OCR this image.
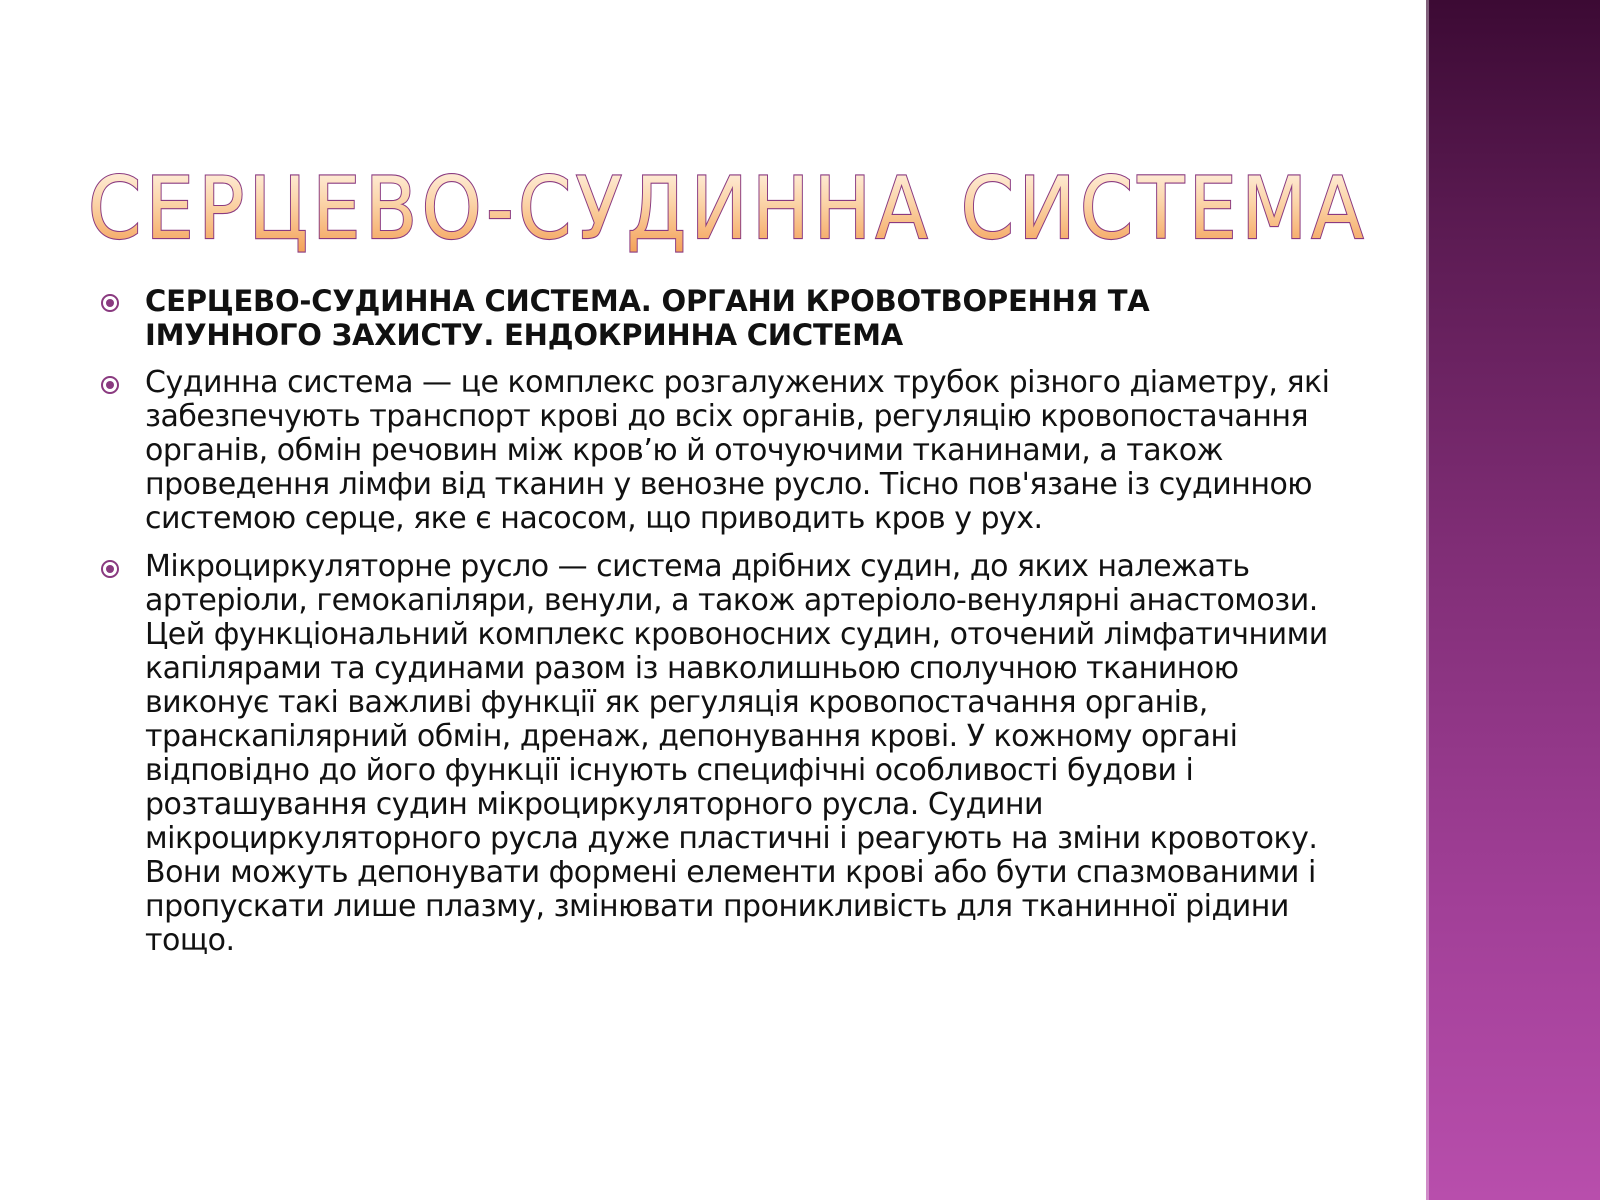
СЕРЦЕВО-СУДИННА СИСТЕМА
СЕРЦЕВО-СУДИННА СИСТЕМА. ОРГАНИ КРОВОТВОРЕННЯ ТА ІМУННОГО ЗАХИСТУ. ЕНДОКРИННА СИСТЕМА
Судинна система — це комплекс розгалужених трубок різного діаметру, які забезпечують транспорт крові до всіх органів, регуляцію кровопостачання органів, обмін речовин між кров’ю й оточуючими тканинами, а також проведення лімфи від тканин у венозне русло. Тісно пов'язане із судинною системою серце, яке є насосом, що приводить кров у рух.
Мікроциркуляторне русло — система дрібних судин, до яких належать артеріоли, гемокапіляри, венули, а також артеріоло-венулярні анастомози. Цей функціональний комплекс кровоносних судин, оточений лімфатичними капілярами та судинами разом із навколишньою сполучною тканиною виконує такі важливі функції як регуляція кровопостачання органів, транскапілярний обмін, дренаж, депонування крові. У кожному органі відповідно до його функції існують специфічні особливості будови і розташування судин мікроциркуляторного русла. Судини мікроциркуляторного русла дуже пластичні і реагують на зміни кровотоку. Вони можуть депонувати формені елементи крові або бути спазмованими і пропускати лише плазму, змінювати проникливість для тканинної рідини тощо.
